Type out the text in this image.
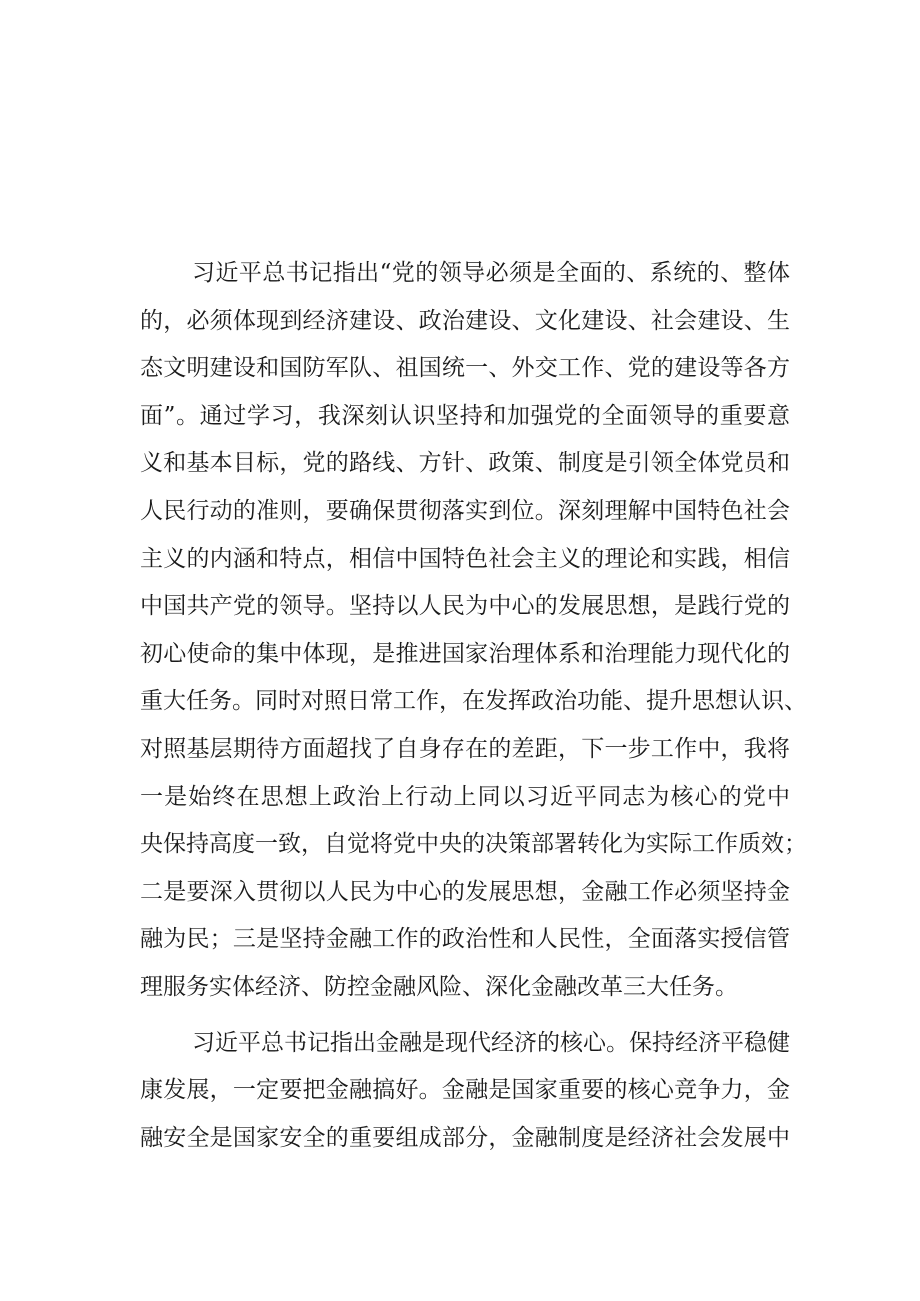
习近平总书记指出“党的领导必须是全面的、系统的、整体
的，必须体现到经济建设、政治建设、文化建设、社会建设、生
态文明建设和国防军队、祖国统一、外交工作、党的建设等各方
面”。通过学习，我深刻认识坚持和加强党的全面领导的重要意
义和基本目标，党的路线、方针、政策、制度是引领全体党员和
人民行动的准则，要确保贯彻落实到位。深刻理解中国特色社会
主义的内涵和特点，相信中国特色社会主义的理论和实践，相信
中国共产党的领导。坚持以人民为中心的发展思想，是践行党的
初心使命的集中体现，是推进国家治理体系和治理能力现代化的
重大任务。同时对照日常工作，在发挥政治功能、提升思想认识、
对照基层期待方面超找了自身存在的差距，下一步工作中，我将
一是始终在思想上政治上行动上同以习近平同志为核心的党中
央保持高度一致，自觉将党中央的决策部署转化为实际工作质效；
二是要深入贯彻以人民为中心的发展思想，金融工作必须坚持金
融为民；三是坚持金融工作的政治性和人民性，全面落实授信管
理服务实体经济、防控金融风险、深化金融改革三大任务。
习近平总书记指出金融是现代经济的核心。保持经济平稳健
康发展，一定要把金融搞好。金融是国家重要的核心竞争力，金
融安全是国家安全的重要组成部分，金融制度是经济社会发展中
